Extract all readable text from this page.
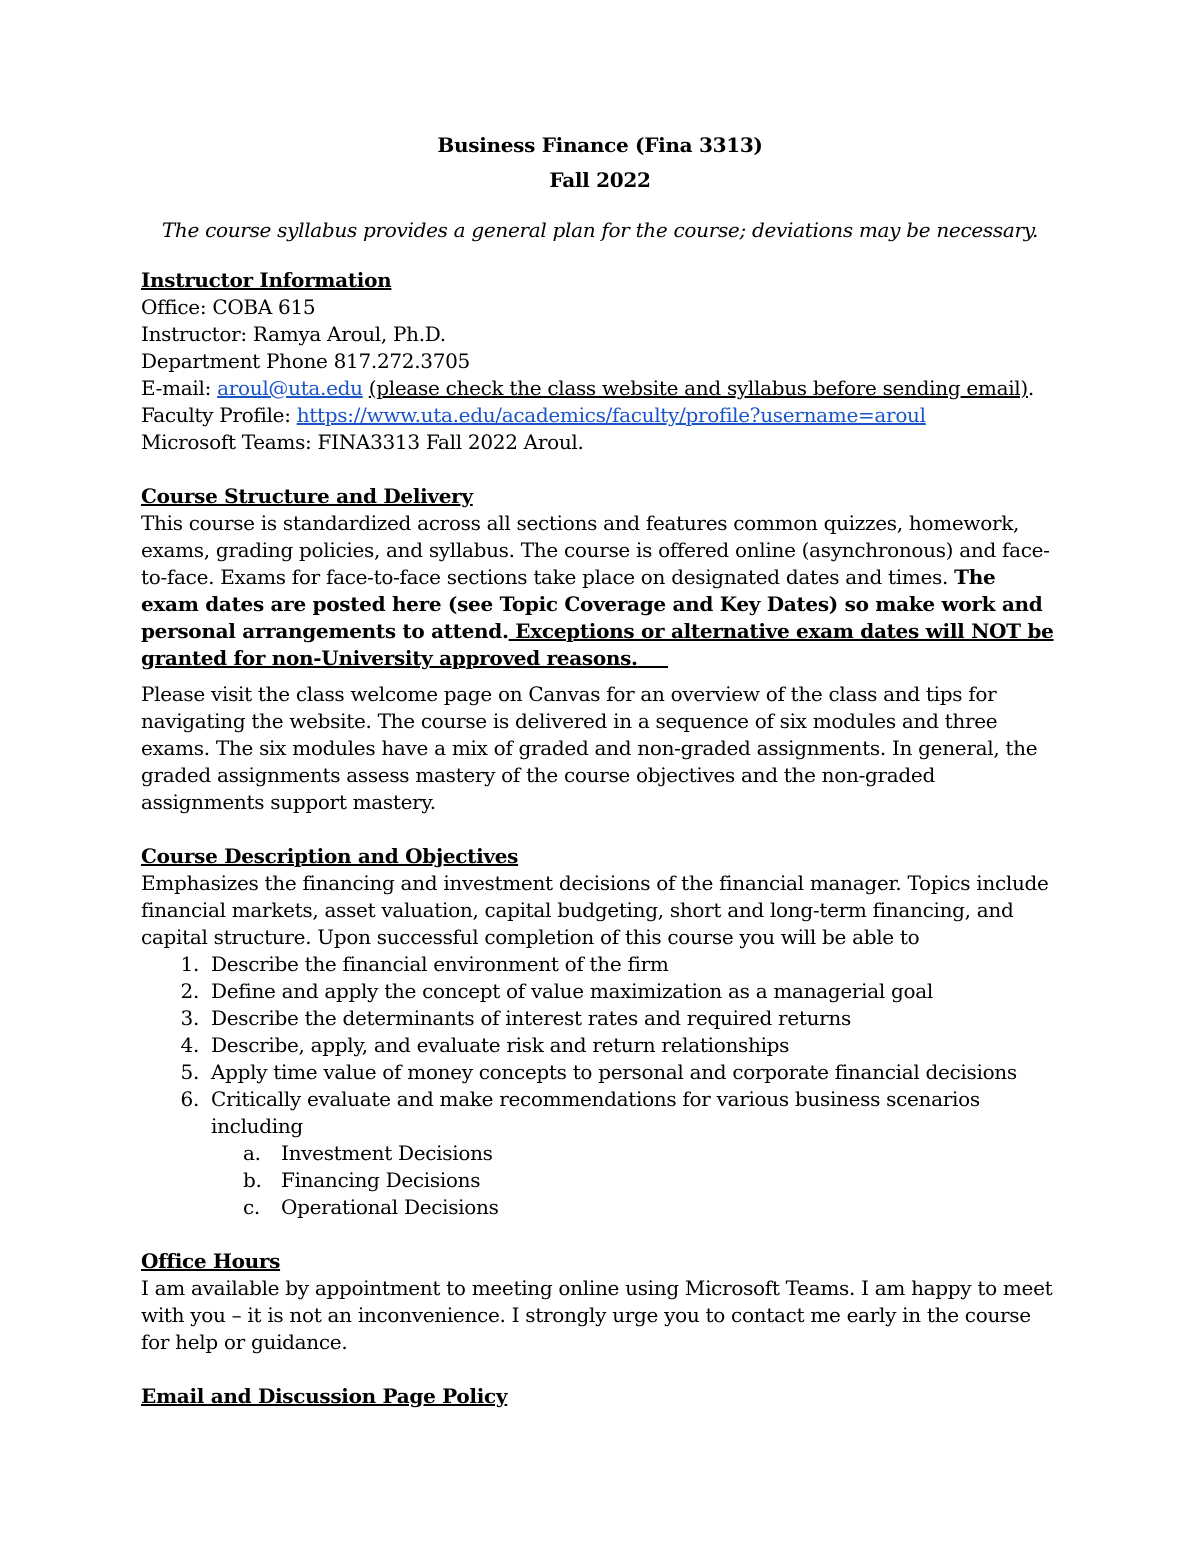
Business Finance (Fina 3313)

Fall 2022

The course syllabus provides a general plan for the course; deviations may be necessary.

Instructor Information

Office: COBA 615

Instructor: Ramya Aroul, Ph.D.

Department Phone 817.272.3705

E-mail: aroul@uta.edu (please check the class website and syllabus before sending email).

Faculty Profile: https://www.uta.edu/academics/faculty/profile?username=aroul

Microsoft Teams: FINA3313 Fall 2022 Aroul.

Course Structure and Delivery

This course is standardized across all sections and features common quizzes, homework, exams, grading policies, and syllabus. The course is offered online (asynchronous) and face-to-face. Exams for face-to-face sections take place on designated dates and times. The exam dates are posted here (see Topic Coverage and Key Dates) so make work and personal arrangements to attend. Exceptions or alternative exam dates will NOT be granted for non-University approved reasons.

Please visit the class welcome page on Canvas for an overview of the class and tips for navigating the website. The course is delivered in a sequence of six modules and three exams. The six modules have a mix of graded and non-graded assignments. In general, the graded assignments assess mastery of the course objectives and the non-graded assignments support mastery.

Course Description and Objectives

Emphasizes the financing and investment decisions of the financial manager. Topics include financial markets, asset valuation, capital budgeting, short and long-term financing, and capital structure. Upon successful completion of this course you will be able to

1. Describe the financial environment of the firm
2. Define and apply the concept of value maximization as a managerial goal
3. Describe the determinants of interest rates and required returns
4. Describe, apply, and evaluate risk and return relationships
5. Apply time value of money concepts to personal and corporate financial decisions
6. Critically evaluate and make recommendations for various business scenarios including
a.	Investment Decisions
b. Financing Decisions
c.	Operational Decisions

Office Hours

I am available by appointment to meeting online using Microsoft Teams. I am happy to meet with you – it is not an inconvenience. I strongly urge you to contact me early in the course for help or guidance.

Email and Discussion Page Policy
